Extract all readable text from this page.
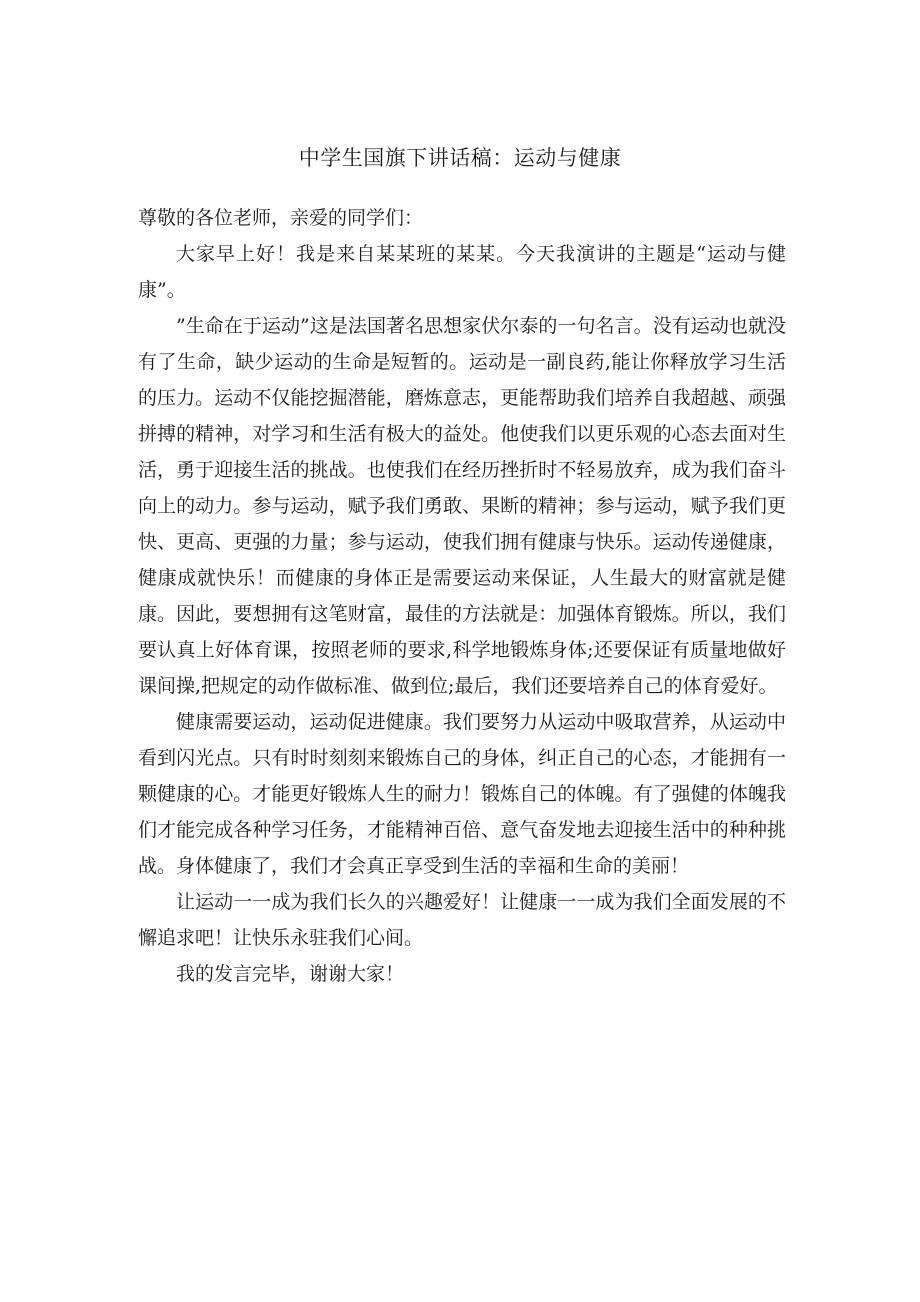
中学生国旗下讲话稿：运动与健康

尊敬的各位老师，亲爱的同学们：

大家早上好！我是来自某某班的某某。今天我演讲的主题是“运动与健康”。

”生命在于运动”这是法国著名思想家伏尔泰的一句名言。没有运动也就没有了生命，缺少运动的生命是短暂的。运动是一副良药,能让你释放学习生活的压力。运动不仅能挖掘潜能，磨炼意志，更能帮助我们培养自我超越、顽强拼搏的精神，对学习和生活有极大的益处。他使我们以更乐观的心态去面对生活，勇于迎接生活的挑战。也使我们在经历挫折时不轻易放弃，成为我们奋斗向上的动力。参与运动，赋予我们勇敢、果断的精神；参与运动，赋予我们更快、更高、更强的力量；参与运动，使我们拥有健康与快乐。运动传递健康，健康成就快乐！而健康的身体正是需要运动来保证，人生最大的财富就是健康。因此，要想拥有这笔财富，最佳的方法就是：加强体育锻炼。所以，我们要认真上好体育课，按照老师的要求,科学地锻炼身体;还要保证有质量地做好课间操,把规定的动作做标准、做到位;最后，我们还要培养自己的体育爱好。

健康需要运动，运动促进健康。我们要努力从运动中吸取营养，从运动中看到闪光点。只有时时刻刻来锻炼自己的身体，纠正自己的心态，才能拥有一颗健康的心。才能更好锻炼人生的耐力！锻炼自己的体魄。有了强健的体魄我们才能完成各种学习任务，才能精神百倍、意气奋发地去迎接生活中的种种挑战。身体健康了，我们才会真正享受到生活的幸福和生命的美丽！

让运动一一成为我们长久的兴趣爱好！让健康一一成为我们全面发展的不懈追求吧！让快乐永驻我们心间。

我的发言完毕，谢谢大家！
